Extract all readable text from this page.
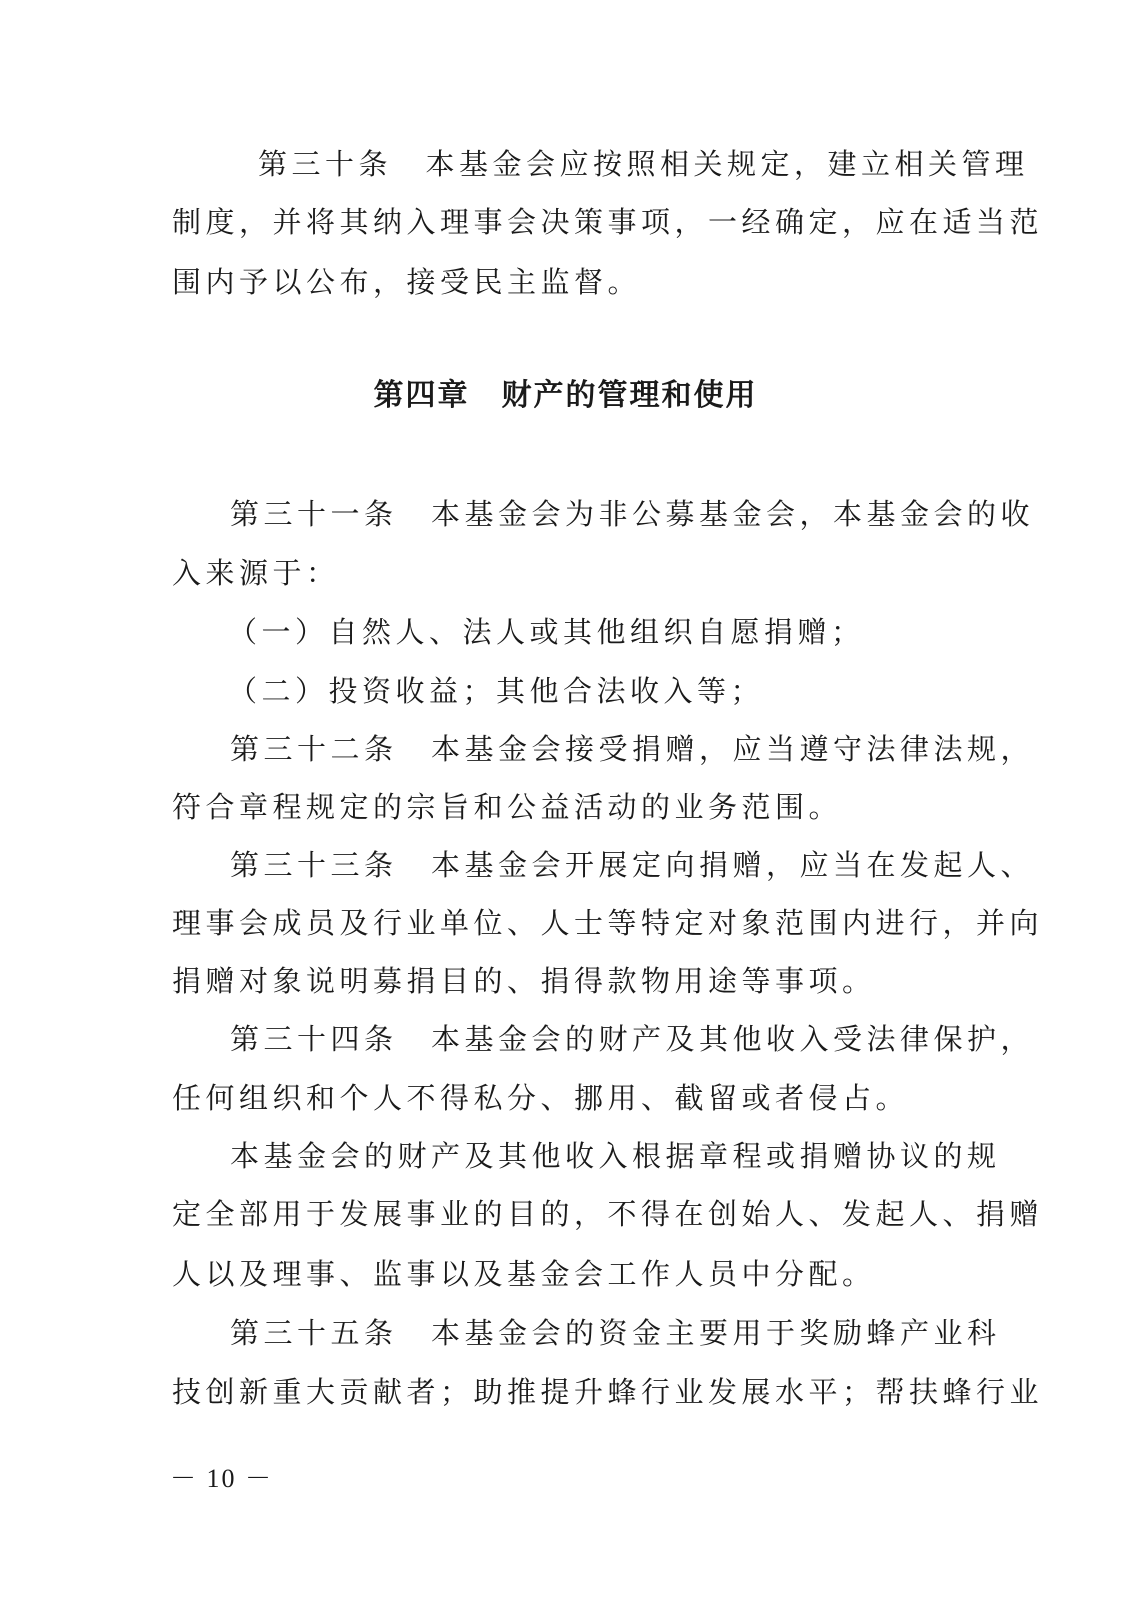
第三十条　本基金会应按照相关规定，建立相关管理
制度，并将其纳入理事会决策事项，一经确定，应在适当范
围内予以公布，接受民主监督。
第四章　财产的管理和使用
第三十一条　本基金会为非公募基金会，本基金会的收
入来源于：
（一）自然人、法人或其他组织自愿捐赠；
（二）投资收益；其他合法收入等；
第三十二条　本基金会接受捐赠，应当遵守法律法规，
符合章程规定的宗旨和公益活动的业务范围。
第三十三条　本基金会开展定向捐赠，应当在发起人、
理事会成员及行业单位、人士等特定对象范围内进行，并向
捐赠对象说明募捐目的、捐得款物用途等事项。
第三十四条　本基金会的财产及其他收入受法律保护，
任何组织和个人不得私分、挪用、截留或者侵占。
本基金会的财产及其他收入根据章程或捐赠协议的规
定全部用于发展事业的目的，不得在创始人、发起人、捐赠
人以及理事、监事以及基金会工作人员中分配。
第三十五条　本基金会的资金主要用于奖励蜂产业科
技创新重大贡献者；助推提升蜂行业发展水平；帮扶蜂行业
－ 10 －
